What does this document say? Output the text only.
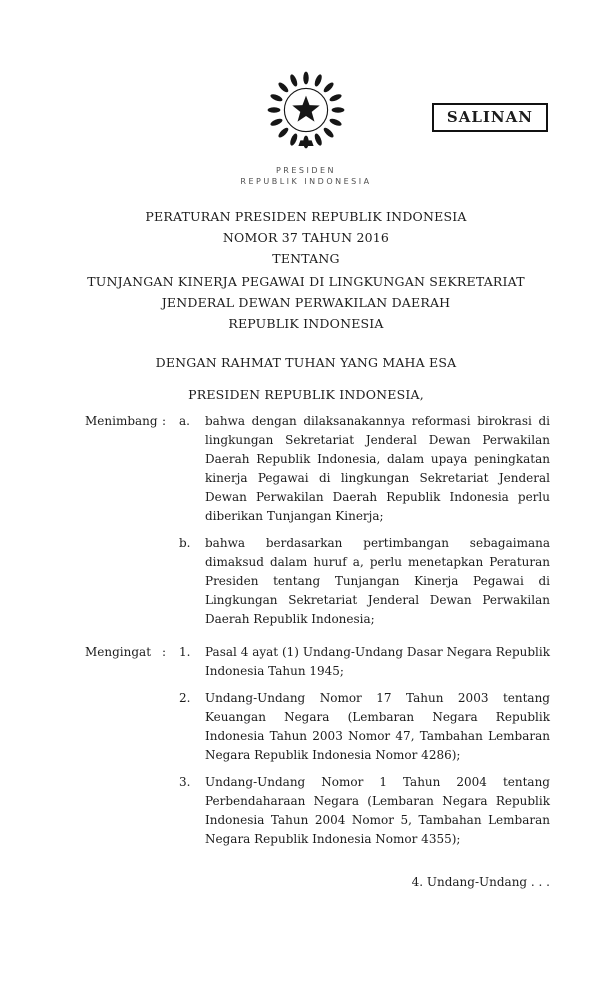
SALINAN
PRESIDEN
REPUBLIK INDONESIA
PERATURAN PRESIDEN REPUBLIK INDONESIA
NOMOR 37 TAHUN 2016
TENTANG
TUNJANGAN KINERJA PEGAWAI DI LINGKUNGAN SEKRETARIAT
JENDERAL DEWAN PERWAKILAN DAERAH
REPUBLIK INDONESIA
DENGAN RAHMAT TUHAN YANG MAHA ESA
PRESIDEN REPUBLIK INDONESIA,
Menimbang :	a.	bahwa dengan dilaksanakannya reformasi birokrasi di lingkungan Sekretariat Jenderal Dewan Perwakilan Daerah Republik Indonesia, dalam upaya peningkatan kinerja Pegawai di lingkungan Sekretariat Jenderal Dewan Perwakilan Daerah Republik Indonesia perlu diberikan Tunjangan Kinerja;
b.	bahwa berdasarkan pertimbangan sebagaimana dimaksud dalam huruf a, perlu menetapkan Peraturan Presiden tentang Tunjangan Kinerja Pegawai di Lingkungan Sekretariat Jenderal Dewan Perwakilan Daerah Republik Indonesia;
Mengingat :	1.	Pasal 4 ayat (1) Undang-Undang Dasar Negara Republik Indonesia Tahun 1945;
2.	Undang-Undang Nomor 17 Tahun 2003 tentang Keuangan Negara (Lembaran Negara Republik Indonesia Tahun 2003 Nomor 47, Tambahan Lembaran Negara Republik Indonesia Nomor 4286);
3.	Undang-Undang Nomor 1 Tahun 2004 tentang Perbendaharaan Negara (Lembaran Negara Republik Indonesia Tahun 2004 Nomor 5, Tambahan Lembaran Negara Republik Indonesia Nomor 4355);
4. Undang-Undang . . .
